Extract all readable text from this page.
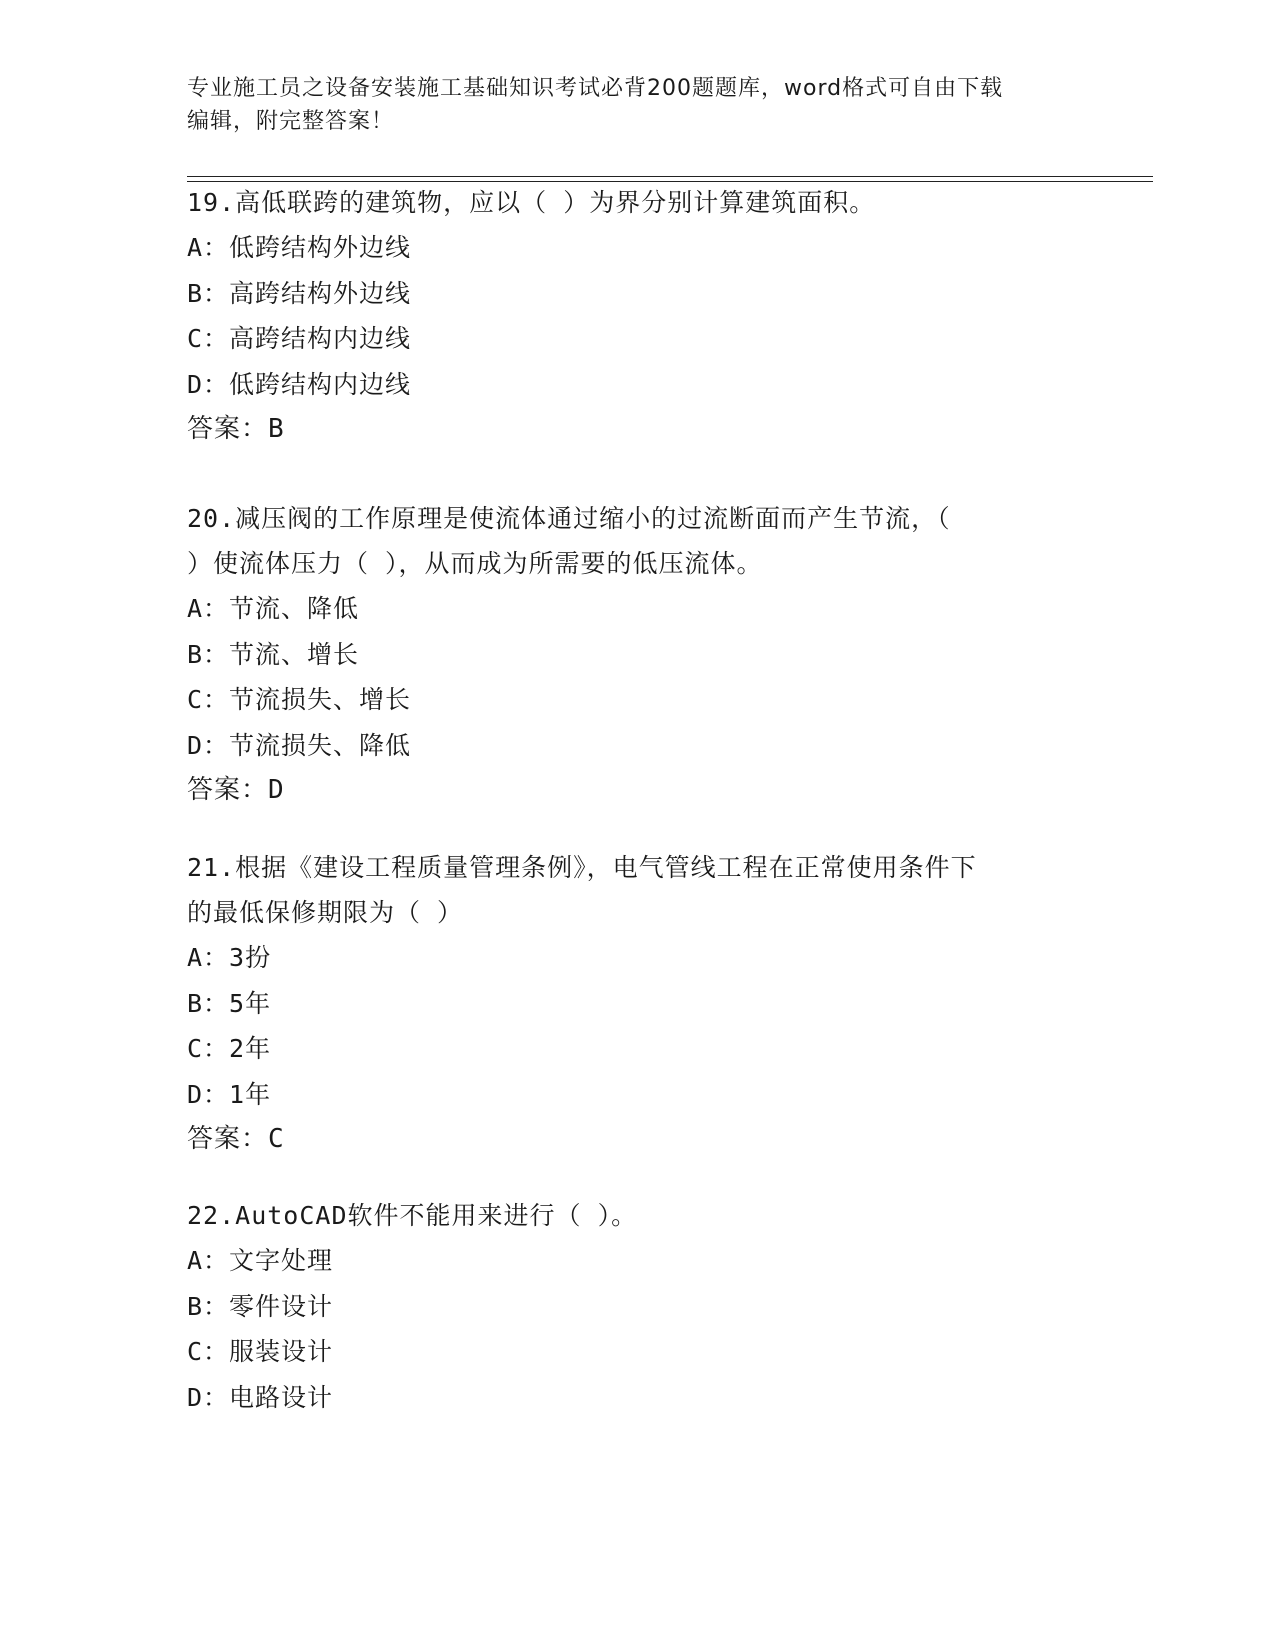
专业施工员之设备安装施工基础知识考试必背200题题库，word格式可自由下载
编辑，附完整答案！
19.高低联跨的建筑物，应以（ ）为界分别计算建筑面积。
A：低跨结构外边线
B：高跨结构外边线
C：高跨结构内边线
D：低跨结构内边线
答案：B
20.减压阀的工作原理是使流体通过缩小的过流断面而产生节流，（
）使流体压力（ ），从而成为所需要的低压流体。
A：节流、降低
B：节流、增长
C：节流损失、增长
D：节流损失、降低
答案：D
21.根据《建设工程质量管理条例》，电气管线工程在正常使用条件下
的最低保修期限为（ ）
A：3扮
B：5年
C：2年
D：1年
答案：C
22.AutoCAD软件不能用来进行（ ）。
A：文字处理
B：零件设计
C：服装设计
D：电路设计
